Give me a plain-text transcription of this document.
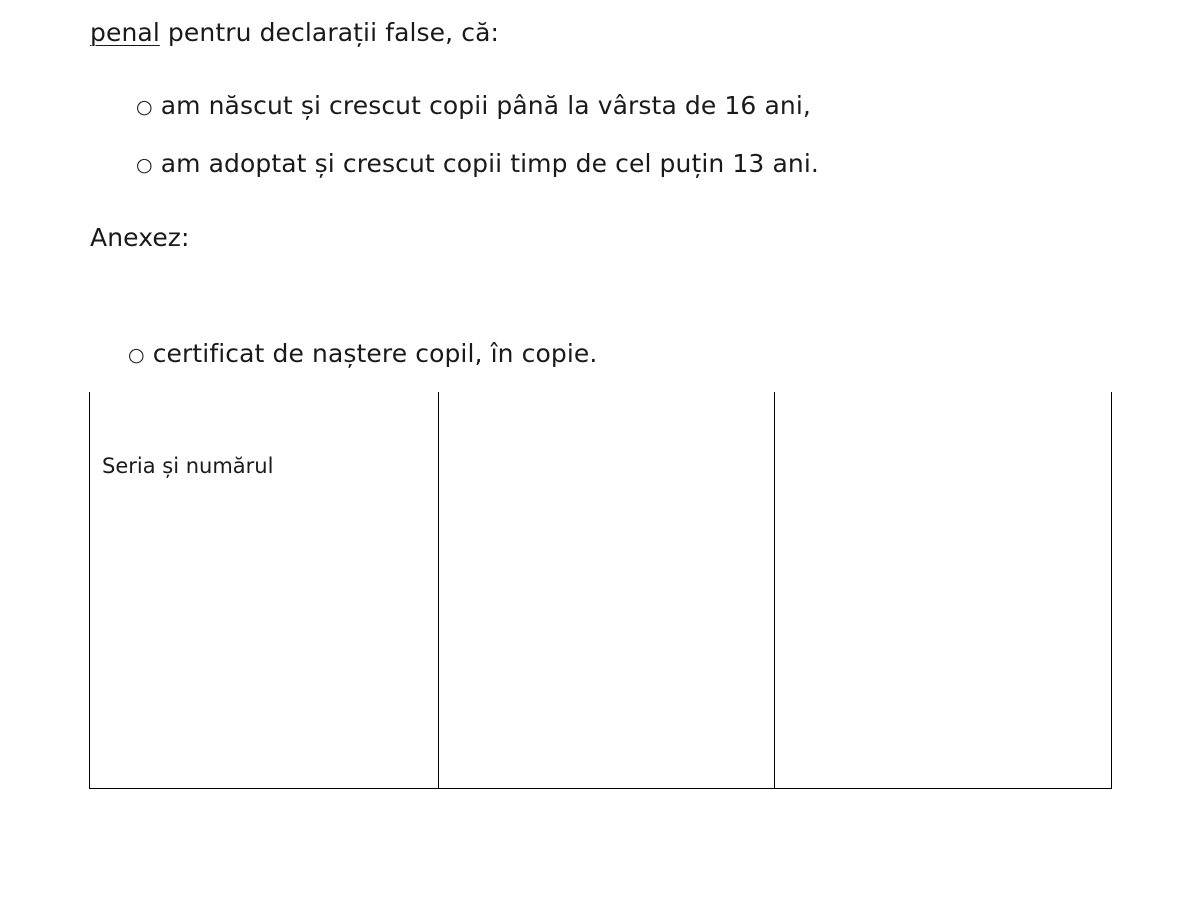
penal pentru declarații false, că:
○ am născut și crescut copii până la vârsta de 16 ani,
○ am adoptat și crescut copii timp de cel puțin 13 ani.
Anexez:
○ certificat de naștere copil, în copie.
Seria și numărul
